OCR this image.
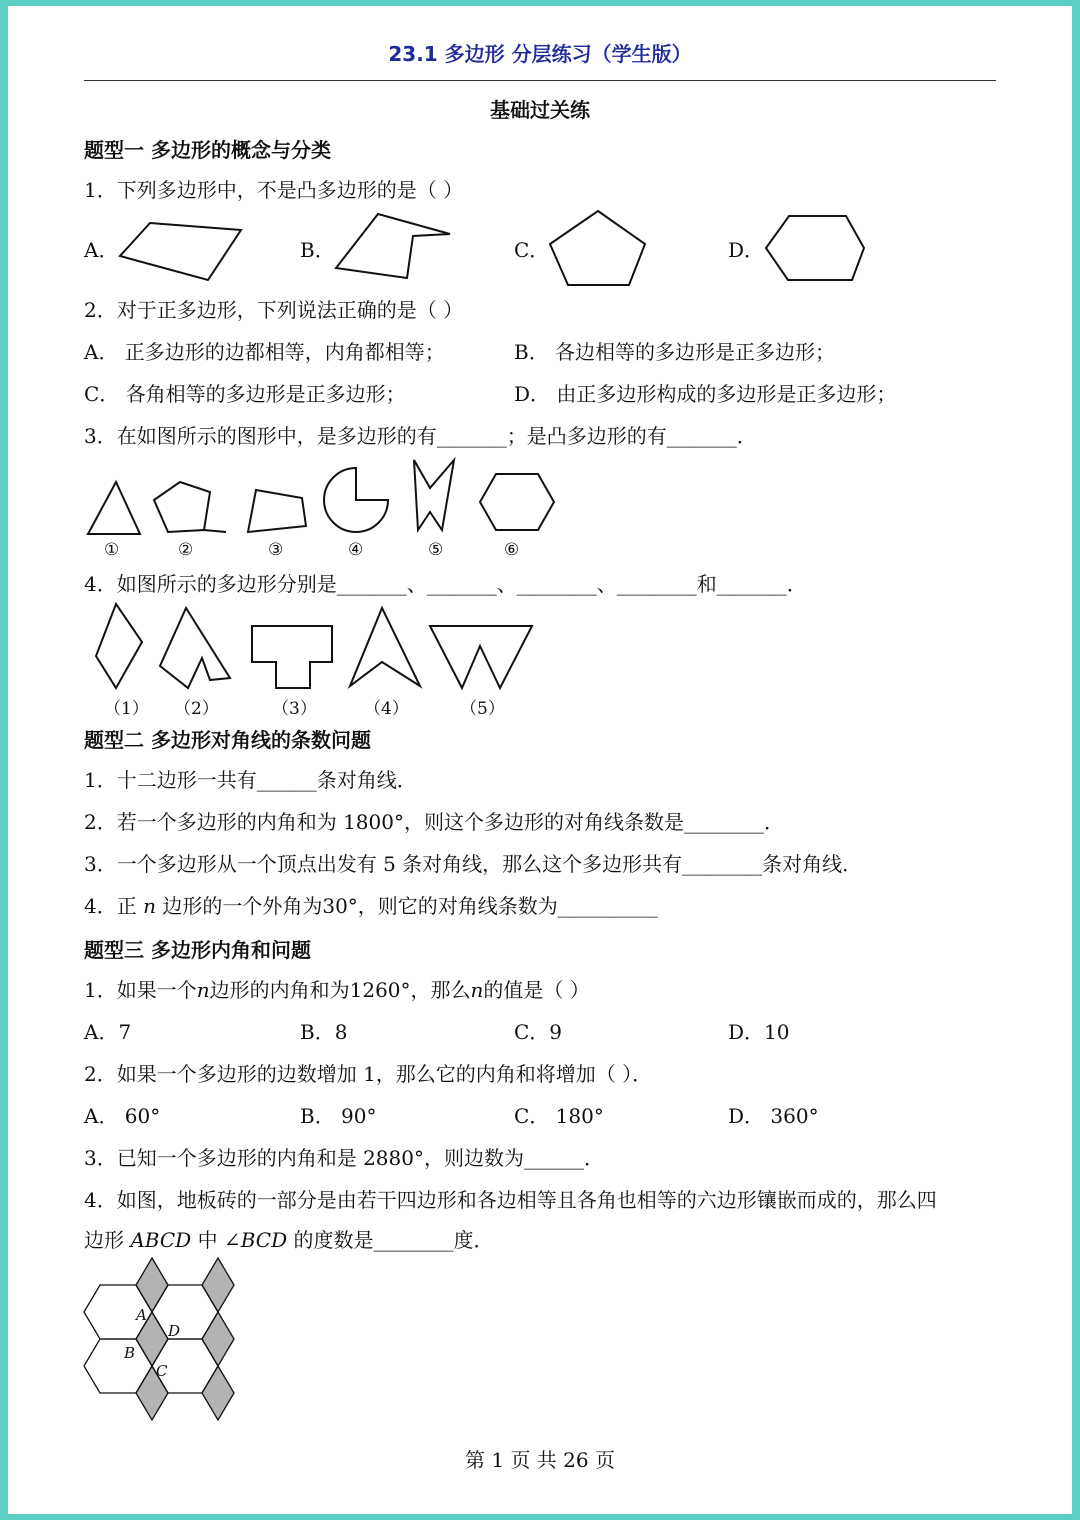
23.1 多边形 分层练习（学生版）
基础过关练
题型一 多边形的概念与分类
1．下列多边形中，不是凸多边形的是（ ）
A．	B．	C．	D．
2．对于正多边形，下列说法正确的是（ ）
A． 正多边形的边都相等，内角都相等；	B． 各边相等的多边形是正多边形；
C． 各角相等的多边形是正多边形；	D． 由正多边形构成的多边形是正多边形；
3．在如图所示的图形中，是多边形的有_______；是凸多边形的有_______．
①	②	③	④	⑤	⑥
4．如图所示的多边形分别是_______、_______、________、________和_______．
（1） （2）	（3）	（4）	（5）
题型二 多边形对角线的条数问题
1．十二边形一共有______条对角线．
2．若一个多边形的内角和为 1800°，则这个多边形的对角线条数是________．
3．一个多边形从一个顶点出发有 5 条对角线，那么这个多边形共有________条对角线．
4．正 n 边形的一个外角为30°，则它的对角线条数为__________
题型三 多边形内角和问题
1．如果一个n边形的内角和为1260°，那么n的值是（ ）
A．7	B．8	C．9	D．10
2．如果一个多边形的边数增加 1，那么它的内角和将增加（ ）．
A． 60°	B． 90°	C． 180°	D． 360°
3．已知一个多边形的内角和是 2880°，则边数为______．
4．如图，地板砖的一部分是由若干四边形和各边相等且各角也相等的六边形镶嵌而成的，那么四
边形 ABCD 中 ∠BCD 的度数是________度．
A
B
C
D
第 1 页 共 26 页
